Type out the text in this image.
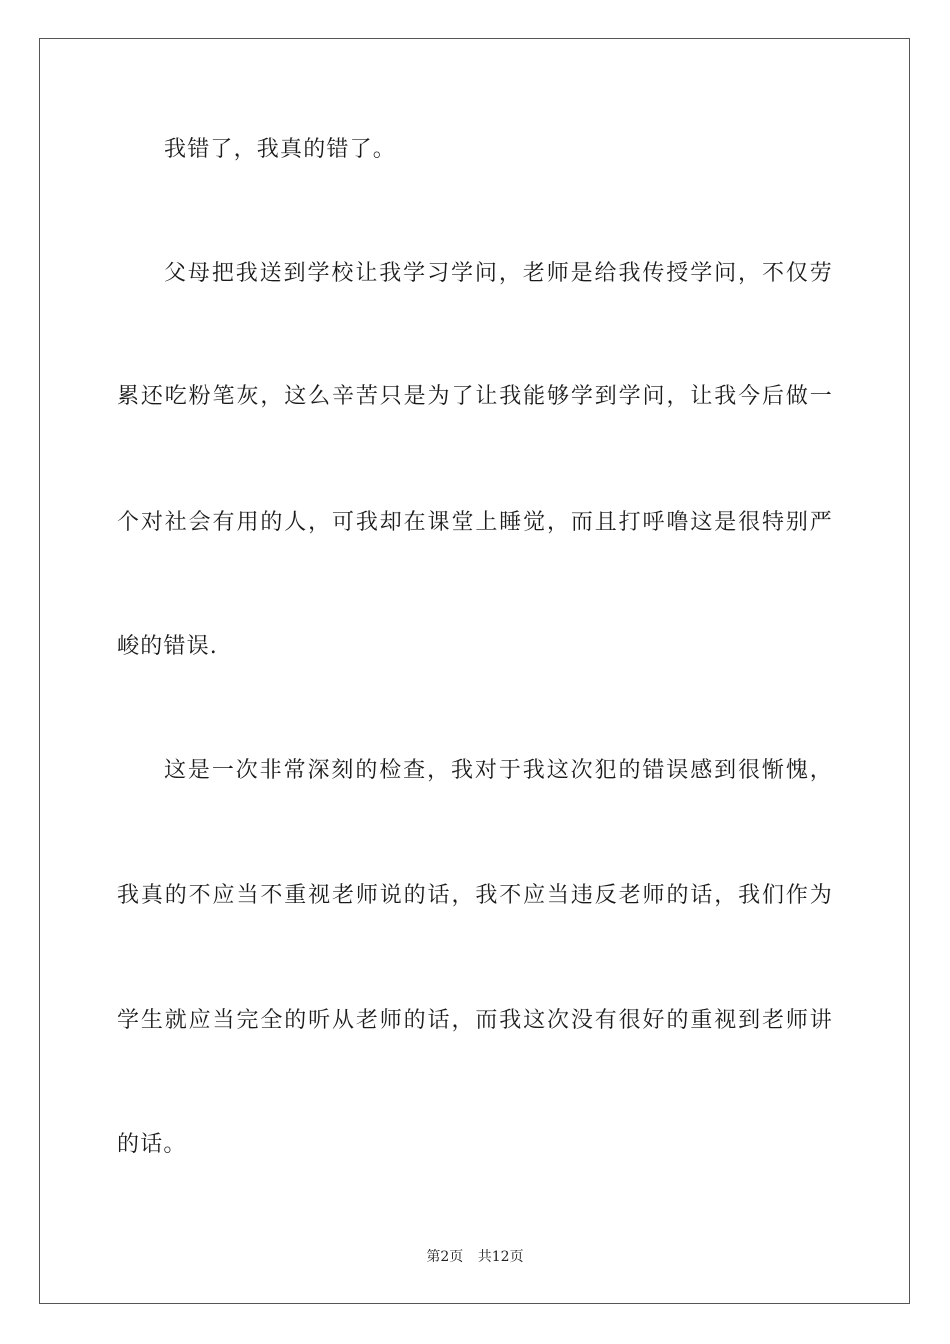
我错了，我真的错了。
父母把我送到学校让我学习学问，老师是给我传授学问，不仅劳
累还吃粉笔灰，这么辛苦只是为了让我能够学到学问，让我今后做一
个对社会有用的人，可我却在课堂上睡觉，而且打呼噜这是很特别严
峻的错误.
这是一次非常深刻的检查，我对于我这次犯的错误感到很惭愧，
我真的不应当不重视老师说的话，我不应当违反老师的话，我们作为
学生就应当完全的听从老师的话，而我这次没有很好的重视到老师讲
的话。
第2页 共12页
